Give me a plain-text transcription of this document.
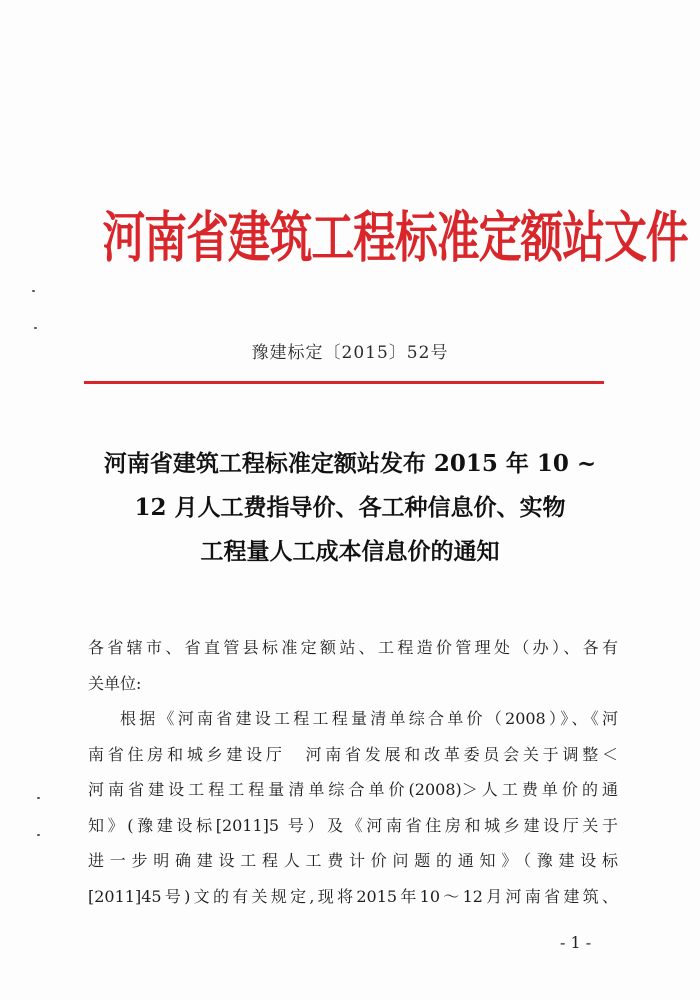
河南省建筑工程标准定额站文件
豫建标定〔2015〕52号
河南省建筑工程标准定额站发布 2015 年 10 ~
12 月人工费指导价、各工种信息价、实物
工程量人工成本信息价的通知
各省辖市、省直管县标准定额站、工程造价管理处（办）、各有
关单位:
根据《河南省建设工程工程量清单综合单价（2008）》、《河
南省住房和城乡建设厅　河南省发展和改革委员会关于调整＜
河南省建设工程工程量清单综合单价(2008)＞人工费单价的通
知》(豫建设标[2011]5 号）及《河南省住房和城乡建设厅关于
进一步明确建设工程人工费计价问题的通知》（豫建设标
[2011]45号)文的有关规定,现将2015年10～12月河南省建筑、
- 1 -
